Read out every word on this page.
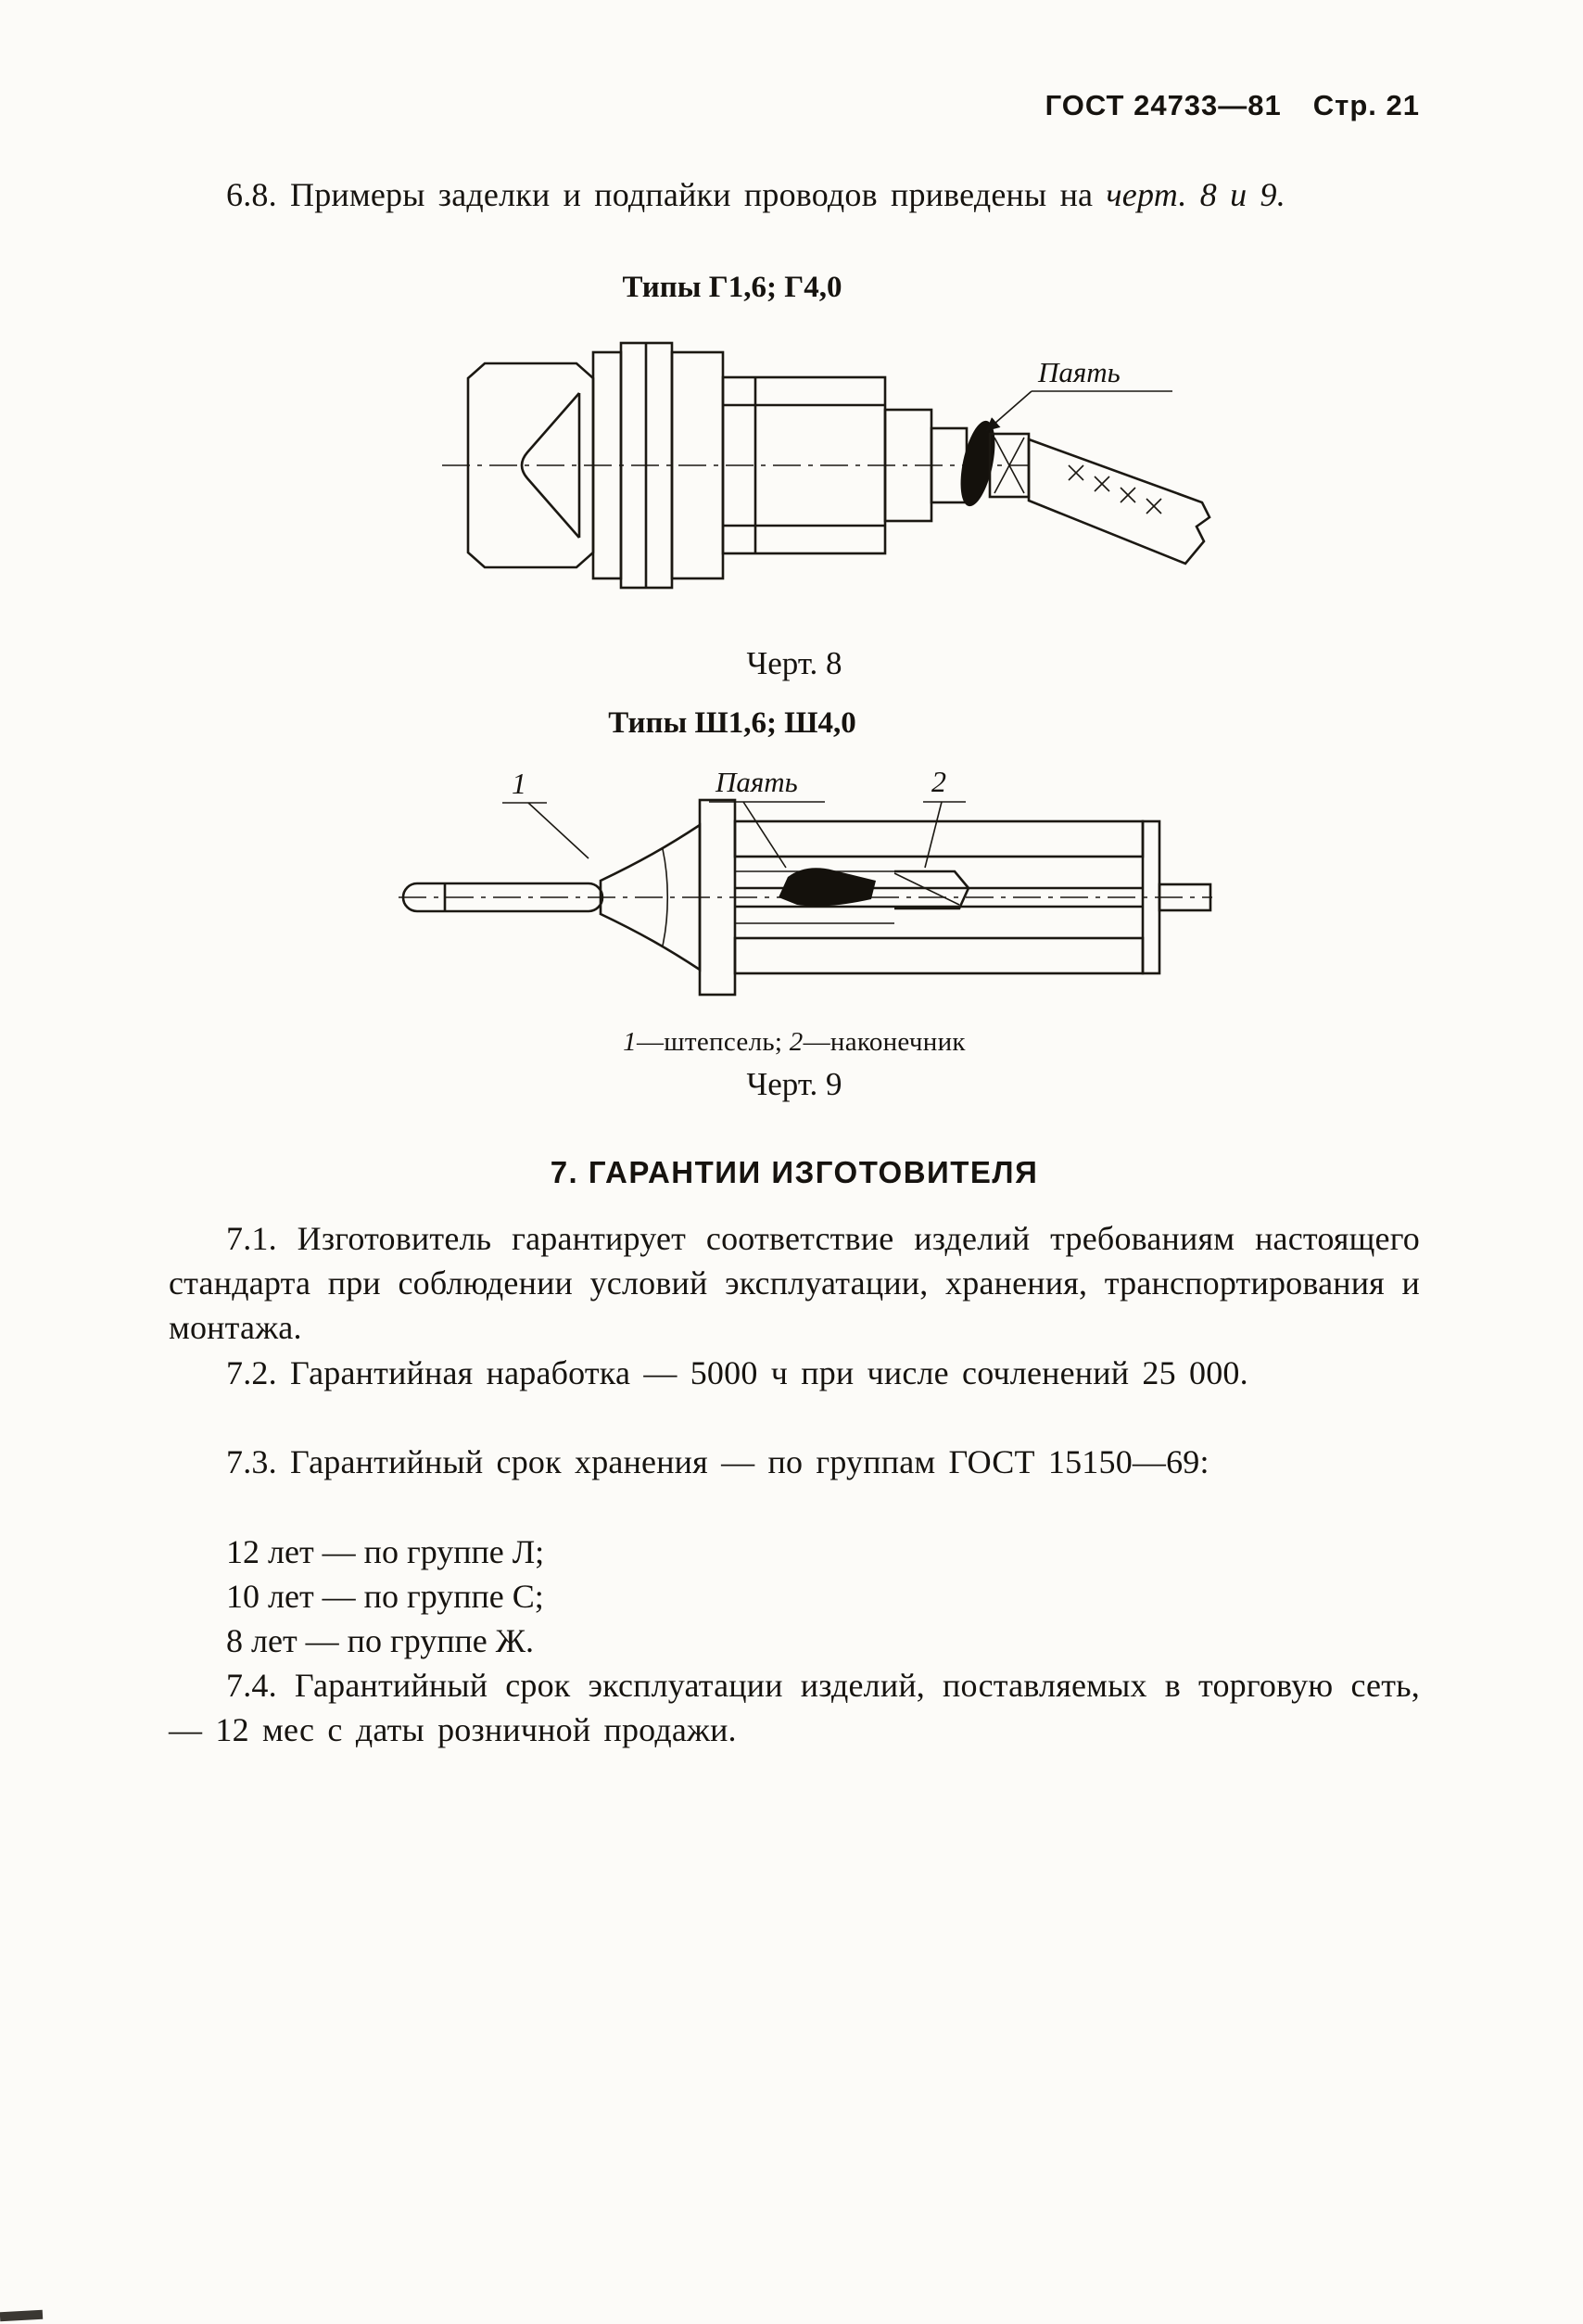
ГОСТ 24733—81 Стр. 21

6.8. Примеры заделки и подпайки проводов приведены на черт. 8 и 9.

Типы Г1,6; Г4,0

Паять

Черт. 8

Типы Ш1,6; Ш4,0

1	Паять	2

1—штепсель; 2—наконечник

Черт. 9

7. ГАРАНТИИ ИЗГОТОВИТЕЛЯ

7.1. Изготовитель гарантирует соответствие изделий требованиям настоящего стандарта при соблюдении условий эксплуатации, хранения, транспортирования и монтажа.

7.2. Гарантийная наработка — 5000 ч при числе сочленений 25 000.

7.3. Гарантийный срок хранения — по группам ГОСТ 15150—69:

12 лет — по группе Л;
10 лет — по группе С;
8 лет — по группе Ж.

7.4. Гарантийный срок эксплуатации изделий, поставляемых в торговую сеть, — 12 мес с даты розничной продажи.
